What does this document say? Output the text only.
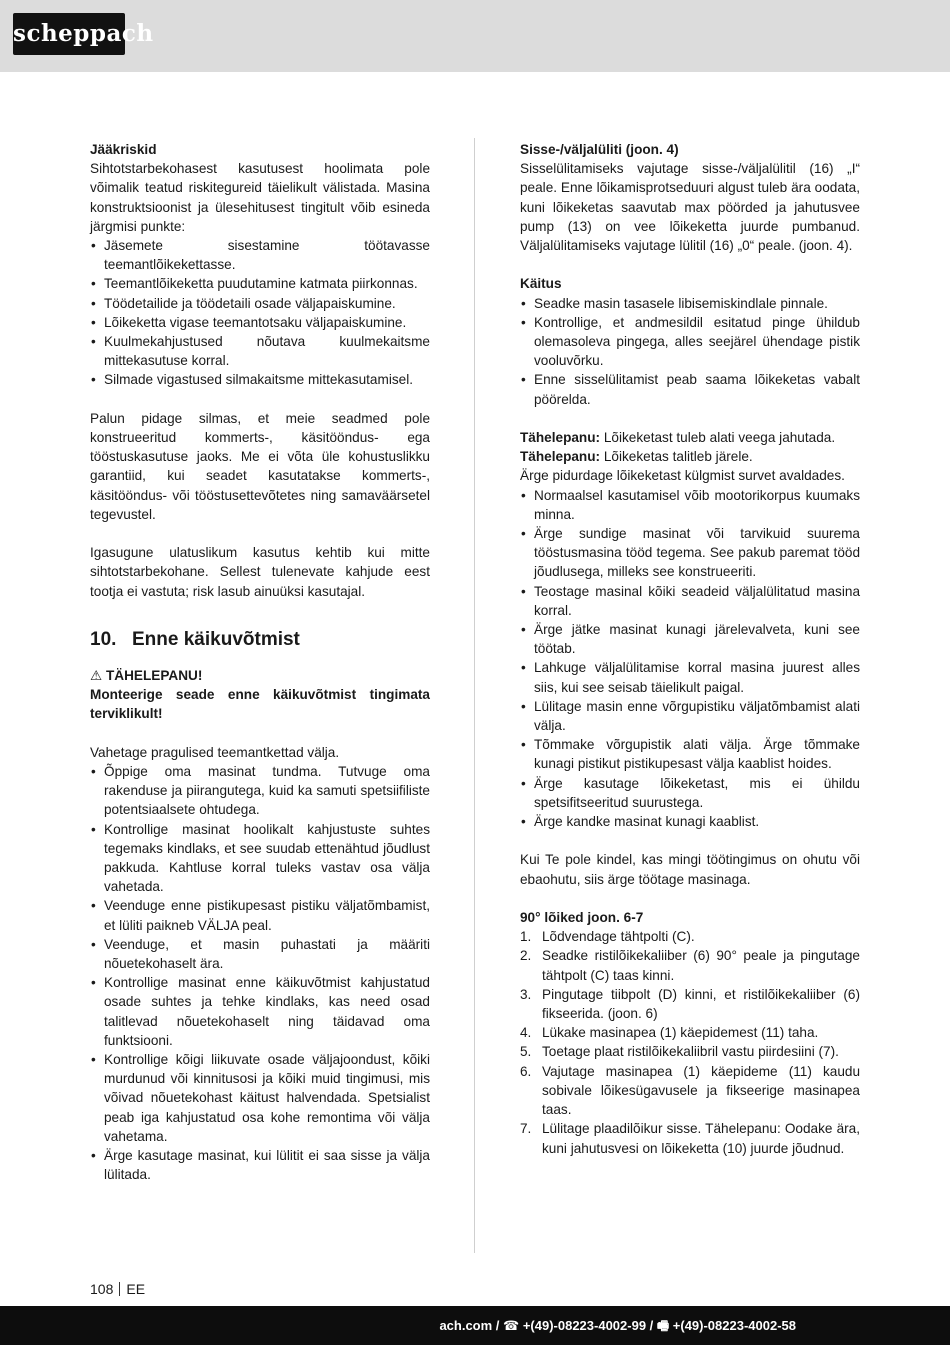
scheppach

Jääkriskid

Sihtotstarbekohasest kasutusest hoolimata pole võimalik teatud riskitegureid täielikult välistada. Masina konstruktsioonist ja ülesehitusest tingitult võib esineda järgmisi punkte:

• Jäsemete sisestamine töötavasse teemantlõikekettasse.
• Teemantlõikeketta puudutamine katmata piirkonnas.
• Töödetailide ja töödetaili osade väljapaiskumine.
• Lõikeketta vigase teemantotsaku väljapaiskumine.
• Kuulmekahjustused nõutava kuulmekaitsme mittekasutuse korral.
• Silmade vigastused silmakaitsme mittekasutamisel.

Palun pidage silmas, et meie seadmed pole konstrueeritud kommerts-, käsitööndus- ega tööstuskasutuse jaoks. Me ei võta üle kohustuslikku garantiid, kui seadet kasutatakse kommerts-, käsitööndus- või tööstusettevõtetes ning samaväärsetel tegevustel.

Igasugune ulatuslikum kasutus kehtib kui mitte sihtotstarbekohane. Sellest tulenevate kahjude eest tootja ei vastuta; risk lasub ainuüksi kasutajal.

10. Enne käikuvõtmist

⚠ TÄHELEPANU!

Monteerige seade enne käikuvõtmist tingimata terviklikult!

Vahetage pragulised teemantkettad välja.

• Õppige oma masinat tundma. Tutvuge oma rakenduse ja piirangutega, kuid ka samuti spetsiifiliste potentsiaalsete ohtudega.
• Kontrollige masinat hoolikalt kahjustuste suhtes tegemaks kindlaks, et see suudab ettenähtud jõudlust pakkuda. Kahtluse korral tuleks vastav osa välja vahetada.
• Veenduge enne pistikupesast pistiku väljatõmbamist, et lüliti paikneb VÄLJA peal.
• Veenduge, et masin puhastati ja määriti nõuetekohaselt ära.
• Kontrollige masinat enne käikuvõtmist kahjustatud osade suhtes ja tehke kindlaks, kas need osad talitlevad nõuetekohaselt ning täidavad oma funktsiooni.
• Kontrollige kõigi liikuvate osade väljajoondust, kõiki murdunud või kinnitusosi ja kõiki muid tingimusi, mis võivad nõuetekohast käitust halvendada. Spetsialist peab iga kahjustatud osa kohe remontima või välja vahetama.
• Ärge kasutage masinat, kui lülitit ei saa sisse ja välja lülitada.

Sisse-/väljalüliti (joon. 4)

Sisselülitamiseks vajutage sisse-/väljalülitil (16) „I“ peale. Enne lõikamisprotseduuri algust tuleb ära oodata, kuni lõikeketas saavutab max pöörded ja jahutusvee pump (13) on vee lõikeketta juurde pumbanud. Väljalülitamiseks vajutage lülitil (16) „0“ peale. (joon. 4).

Käitus

• Seadke masin tasasele libisemiskindlale pinnale.
• Kontrollige, et andmesildil esitatud pinge ühildub olemasoleva pingega, alles seejärel ühendage pistik vooluvõrku.
• Enne sisselülitamist peab saama lõikeketas vabalt pöörelda.

Tähelepanu: Lõikeketast tuleb alati veega jahutada.

Tähelepanu: Lõikeketas talitleb järele.

Ärge pidurdage lõikeketast külgmist survet avaldades.

• Normaalsel kasutamisel võib mootorikorpus kuumaks minna.
• Ärge sundige masinat või tarvikuid suurema tööstusmasina tööd tegema. See pakub paremat tööd jõudlusega, milleks see konstrueeriti.
• Teostage masinal kõiki seadeid väljalülitatud masina korral.
• Ärge jätke masinat kunagi järelevalveta, kuni see töötab.
• Lahkuge väljalülitamise korral masina juurest alles siis, kui see seisab täielikult paigal.
• Lülitage masin enne võrgupistiku väljatõmbamist alati välja.
• Tõmmake võrgupistik alati välja. Ärge tõmmake kunagi pistikut pistikupesast välja kaablist hoides.
• Ärge kasutage lõikeketast, mis ei ühildu spetsifitseeritud suurustega.
• Ärge kandke masinat kunagi kaablist.

Kui Te pole kindel, kas mingi töötingimus on ohutu või ebaohutu, siis ärge töötage masinaga.

90° lõiked joon. 6-7

1. Lõdvendage tähtpolti (C).
2. Seadke ristilõikekaliiber (6) 90° peale ja pingutage tähtpolt (C) taas kinni.
3. Pingutage tiibpolt (D) kinni, et ristilõikekaliiber (6) fikseerida. (joon. 6)
4. Lükake masinapea (1) käepidemest (11) taha.
5. Toetage plaat ristilõikekaliibril vastu piirdesiini (7).
6. Vajutage masinapea (1) käepideme (11) kaudu sobivale lõikesügavusele ja fikseerige masinapea taas.
7. Lülitage plaadilõikur sisse. Tähelepanu: Oodake ära, kuni jahutusvesi on lõikeketta (10) juurde jõudnud.
108 EE
ach.com / ☎ +(49)-08223-4002-99 / 🖷 +(49)-08223-4002-58
